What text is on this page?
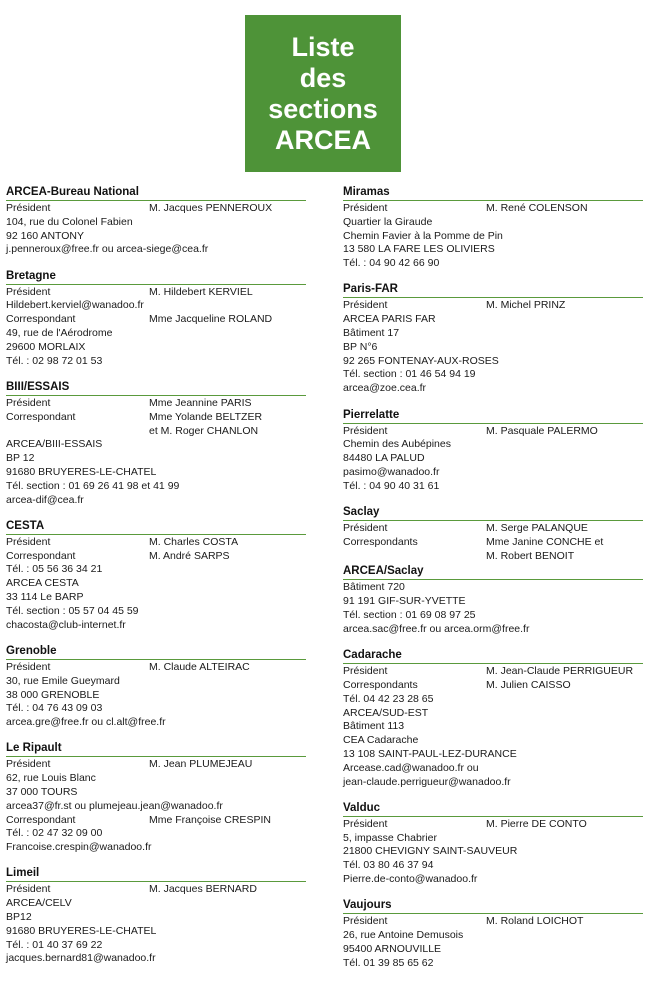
Liste
des
sections
ARCEA
ARCEA-Bureau National
Président	M. Jacques PENNEROUX
104, rue du Colonel Fabien
92 160 ANTONY
j.penneroux@free.fr ou arcea-siege@cea.fr
Bretagne
Président	M. Hildebert KERVIEL
Hildebert.kerviel@wanadoo.fr
Correspondant	Mme Jacqueline ROLAND
49, rue de l'Aérodrome
29600 MORLAIX
Tél. : 02 98 72 01 53
BIII/ESSAIS
Président	Mme Jeannine PARIS
Correspondant	Mme Yolande BELTZER
et M. Roger CHANLON
ARCEA/BIII-ESSAIS
BP 12
91680 BRUYERES-LE-CHATEL
Tél. section : 01 69 26 41 98 et 41 99
arcea-dif@cea.fr
CESTA
Président	M. Charles COSTA
Correspondant	M. André SARPS
Tél. : 05 56 36 34 21
ARCEA CESTA
33 114 Le BARP
Tél. section : 05 57 04 45 59
chacosta@club-internet.fr
Grenoble
Président	M. Claude ALTEIRAC
30, rue Emile Gueymard
38 000 GRENOBLE
Tél. : 04 76 43 09 03
arcea.gre@free.fr ou cl.alt@free.fr
Le Ripault
Président	M. Jean PLUMEJEAU
62, rue Louis Blanc
37 000 TOURS
arcea37@fr.st ou plumejeau.jean@wanadoo.fr
Correspondant	Mme Françoise CRESPIN
Tél. : 02 47 32 09 00
Francoise.crespin@wanadoo.fr
Limeil
Président	M. Jacques BERNARD
ARCEA/CELV
BP12
91680 BRUYERES-LE-CHATEL
Tél. : 01 40 37 69 22
jacques.bernard81@wanadoo.fr
Miramas
Président	M. René COLENSON
Quartier la Giraude
Chemin Favier à la Pomme de Pin
13 580 LA FARE LES OLIVIERS
Tél. : 04 90 42 66 90
Paris-FAR
Président	M. Michel PRINZ
ARCEA PARIS FAR
Bâtiment 17
BP N°6
92 265 FONTENAY-AUX-ROSES
Tél. section : 01 46 54 94 19
arcea@zoe.cea.fr
Pierrelatte
Président	M. Pasquale PALERMO
Chemin des Aubépines
84480 LA PALUD
pasimo@wanadoo.fr
Tél. : 04 90 40 31 61
Saclay
Président	M. Serge PALANQUE
Correspondants	Mme Janine CONCHE et
M. Robert BENOIT
ARCEA/Saclay
Bâtiment 720
91 191 GIF-SUR-YVETTE
Tél. section : 01 69 08 97 25
arcea.sac@free.fr ou arcea.orm@free.fr
Cadarache
Président	M. Jean-Claude PERRIGUEUR
Correspondants	M. Julien CAISSO
Tél. 04 42 23 28 65
ARCEA/SUD-EST
Bâtiment 113
CEA Cadarache
13 108 SAINT-PAUL-LEZ-DURANCE
Arcease.cad@wanadoo.fr ou
jean-claude.perrigueur@wanadoo.fr
Valduc
Président	M. Pierre DE CONTO
5, impasse Chabrier
21800 CHEVIGNY SAINT-SAUVEUR
Tél. 03 80 46 37 94
Pierre.de-conto@wanadoo.fr
Vaujours
Président	M. Roland LOICHOT
26, rue Antoine Demusois
95400 ARNOUVILLE
Tél. 01 39 85 65 62
